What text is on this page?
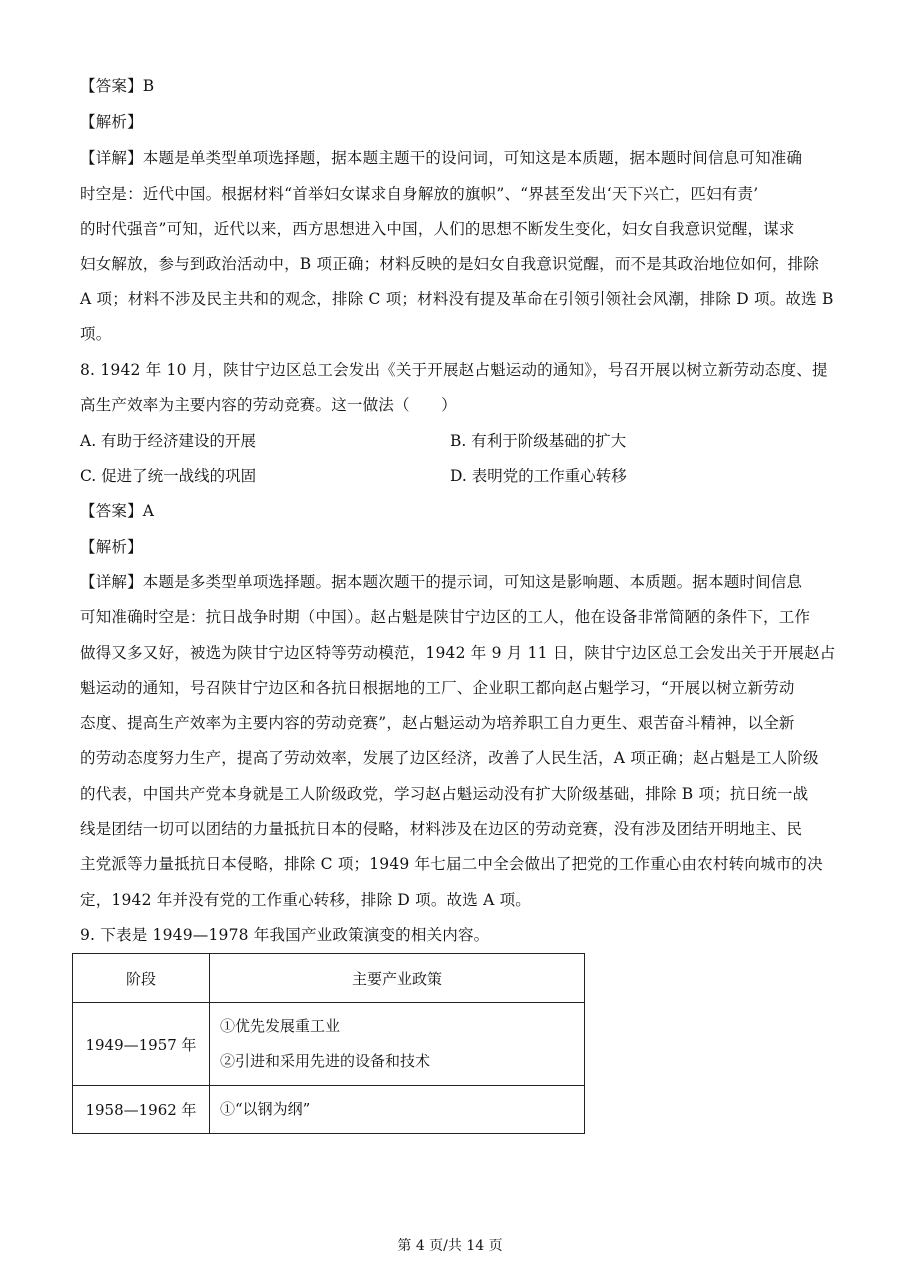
【答案】B
【解析】
【详解】本题是单类型单项选择题，据本题主题干的设问词，可知这是本质题，据本题时间信息可知准确
时空是：近代中国。根据材料“首举妇女谋求自身解放的旗帜”、“界甚至发出‘天下兴亡，匹妇有责’
的时代强音”可知，近代以来，西方思想进入中国，人们的思想不断发生变化，妇女自我意识觉醒，谋求
妇女解放，参与到政治活动中，B 项正确；材料反映的是妇女自我意识觉醒，而不是其政治地位如何，排除
A 项；材料不涉及民主共和的观念，排除 C 项；材料没有提及革命在引领引领社会风潮，排除 D 项。故选 B
项。
8. 1942 年 10 月，陕甘宁边区总工会发出《关于开展赵占魁运动的通知》，号召开展以树立新劳动态度、提
高生产效率为主要内容的劳动竞赛。这一做法（　　）
A. 有助于经济建设的开展	B. 有利于阶级基础的扩大
C. 促进了统一战线的巩固	D. 表明党的工作重心转移
【答案】A
【解析】
【详解】本题是多类型单项选择题。据本题次题干的提示词，可知这是影响题、本质题。据本题时间信息
可知准确时空是：抗日战争时期（中国）。赵占魁是陕甘宁边区的工人，他在设备非常简陋的条件下，工作
做得又多又好，被选为陕甘宁边区特等劳动模范，1942 年 9 月 11 日，陕甘宁边区总工会发出关于开展赵占
魁运动的通知，号召陕甘宁边区和各抗日根据地的工厂、企业职工都向赵占魁学习，“开展以树立新劳动
态度、提高生产效率为主要内容的劳动竞赛”，赵占魁运动为培养职工自力更生、艰苦奋斗精神，以全新
的劳动态度努力生产，提高了劳动效率，发展了边区经济，改善了人民生活，A 项正确；赵占魁是工人阶级
的代表，中国共产党本身就是工人阶级政党，学习赵占魁运动没有扩大阶级基础，排除 B 项；抗日统一战
线是团结一切可以团结的力量抵抗日本的侵略，材料涉及在边区的劳动竞赛，没有涉及团结开明地主、民
主党派等力量抵抗日本侵略，排除 C 项；1949 年七届二中全会做出了把党的工作重心由农村转向城市的决
定，1942 年并没有党的工作重心转移，排除 D 项。故选 A 项。
9. 下表是 1949—1978 年我国产业政策演变的相关内容。
阶段	主要产业政策
1949—1957 年	①优先发展重工业
②引进和采用先进的设备和技术

1958—1962 年	①“以钢为纲”
第 4 页/共 14 页
